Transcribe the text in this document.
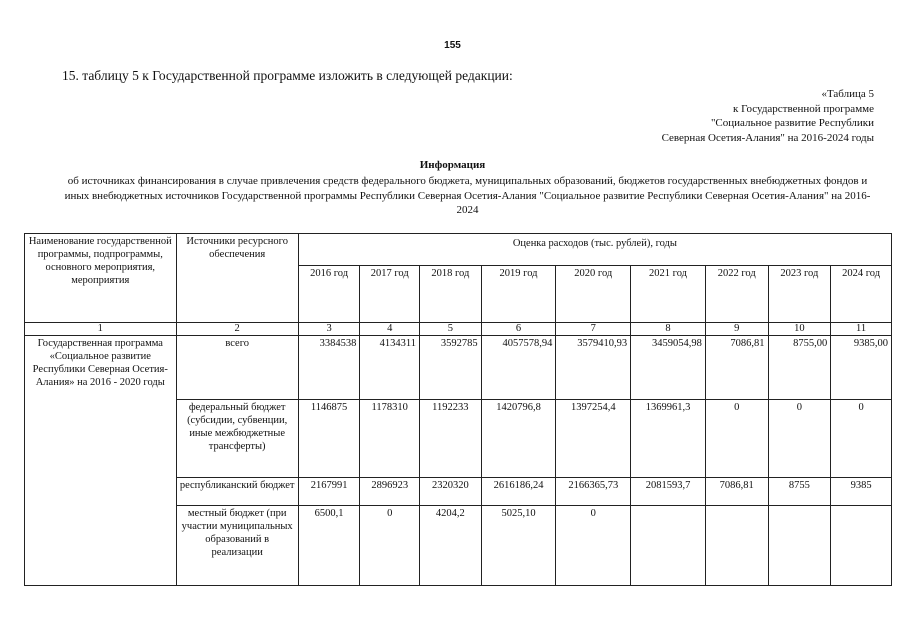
155
15. таблицу 5 к Государственной программе изложить в следующей редакции:
«Таблица 5
к Государственной программе
"Социальное развитие Республики
Северная Осетия-Алания" на 2016-2024 годы
Информация
об источниках финансирования в случае привлечения средств федерального бюджета, муниципальных образований, бюджетов государственных внебюджетных фондов и иных внебюджетных источников Государственной программы Республики Северная Осетия-Алания "Социальное развитие Республики Северная Осетия-Алания" на 2016-2024
Наименование государственной программы, подпрограммы, основного мероприятия, мероприятия	Источники ресурсного обеспечения	Оценка расходов (тыс. рублей), годы								
		2016 год	2017 год	2018 год	2019 год	2020 год	2021 год	2022 год	2023 год	2024 год
1	2	3	4	5	6	7	8	9	10	11
Государственная программа «Социальное развитие Республики Северная Осетия-Алания» на 2016 - 2020 годы	всего	3384538	4134311	3592785	4057578,94	3579410,93	3459054,98	7086,81	8755,00	9385,00
	федеральный бюджет (субсидии, субвенции, иные межбюджетные трансферты)	1146875	1178310	1192233	1420796,8	1397254,4	1369961,3	0	0	0
	республиканский бюджет	2167991	2896923	2320320	2616186,24	2166365,73	2081593,7	7086,81	8755	9385
	местный бюджет (при участии муниципальных образований в реализации	6500,1	0	4204,2	5025,10	0				
